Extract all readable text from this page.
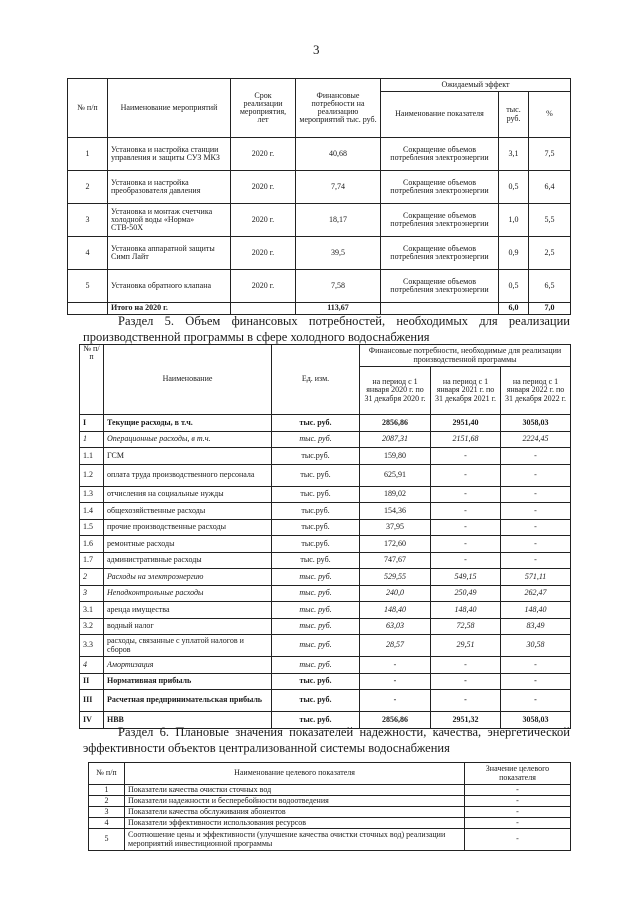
3
№ п/п	Наименование мероприятий	Срок реализации мероприятия, лет	Финансовые потребности на реализацию мероприятий тыс. руб.	Ожидаемый эффект		
				Наименование показателя	тыс. руб.	%
1	Установка и настройка станции управления и защиты СУЗ МКЗ	2020 г.	40,68	Сокращение объемов потребления электроэнергии	3,1	7,5
2	Установка и настройка преобразователя давления	2020 г.	7,74	Сокращение объемов потребления электроэнергии	0,5	6,4
3	Установка и монтаж счетчика холодной воды «Норма» СТВ-50Х	2020 г.	18,17	Сокращение объемов потребления электроэнергии	1,0	5,5
4	Установка аппаратной защиты Симп Лайт	2020 г.	39,5	Сокращение объемов потребления электроэнергии	0,9	2,5
5	Установка обратного клапана	2020 г.	7,58	Сокращение объемов потребления электроэнергии	0,5	6,5
	Итого на 2020 г.		113,67		6,0	7,0
Раздел 5. Объем финансовых потребностей, необходимых для реализации производственной программы в сфере холодного водоснабжения
№ п/п	Наименование	Ед. изм.	Финансовые потребности, необходимые для реализации производственной программы		
			на период с 1 января 2020 г. по 31 декабря 2020 г.	на период с 1 января 2021 г. по 31 декабря 2021 г.	на период с 1 января 2022 г. по 31 декабря 2022 г.
I	Текущие расходы, в т.ч.	тыс. руб.	2856,86	2951,40	3058,03
1	Операционные расходы, в т.ч.	тыс. руб.	2087,31	2151,68	2224,45
1.1	ГСМ	тыс.руб.	159,80	-	-
1.2	оплата труда производственного персонала	тыс. руб.	625,91	-	-
1.3	отчисления на социальные нужды	тыс. руб.	189,02	-	-
1.4	общехозяйственные расходы	тыс.руб.	154,36	-	-
1.5	прочие производственные расходы	тыс.руб.	37,95	-	-
1.6	ремонтные расходы	тыс.руб.	172,60	-	-
1.7	административные расходы	тыс. руб.	747,67	-	-
2	Расходы на электроэнергию	тыс. руб.	529,55	549,15	571,11
3	Неподконтрольные расходы	тыс. руб.	240,0	250,49	262,47
3.1	аренда имущества	тыс. руб.	148,40	148,40	148,40
3.2	водный налог	тыс. руб.	63,03	72,58	83,49
3.3	расходы, связанные с уплатой налогов и сборов	тыс. руб.	28,57	29,51	30,58
4	Амортизация	тыс. руб.	-	-	-
II	Нормативная прибыль	тыс. руб.	-	-	-
III	Расчетная предпринимательская прибыль	тыс. руб.	-	-	-
IV	НВВ	тыс. руб.	2856,86	2951,32	3058,03
Раздел 6. Плановые значения показателей надежности, качества, энергетической эффективности объектов централизованной системы водоснабжения
№ п/п	Наименование целевого показателя	Значение целевого показателя
1	Показатели качества очистки сточных вод	-
2	Показатели надежности и бесперебойности водоотведения	-
3	Показатели качества обслуживания абонентов	-
4	Показатели эффективности использования ресурсов	-
5	Соотношение цены и эффективности (улучшение качества очистки сточных вод) реализации мероприятий инвестиционной программы	-
